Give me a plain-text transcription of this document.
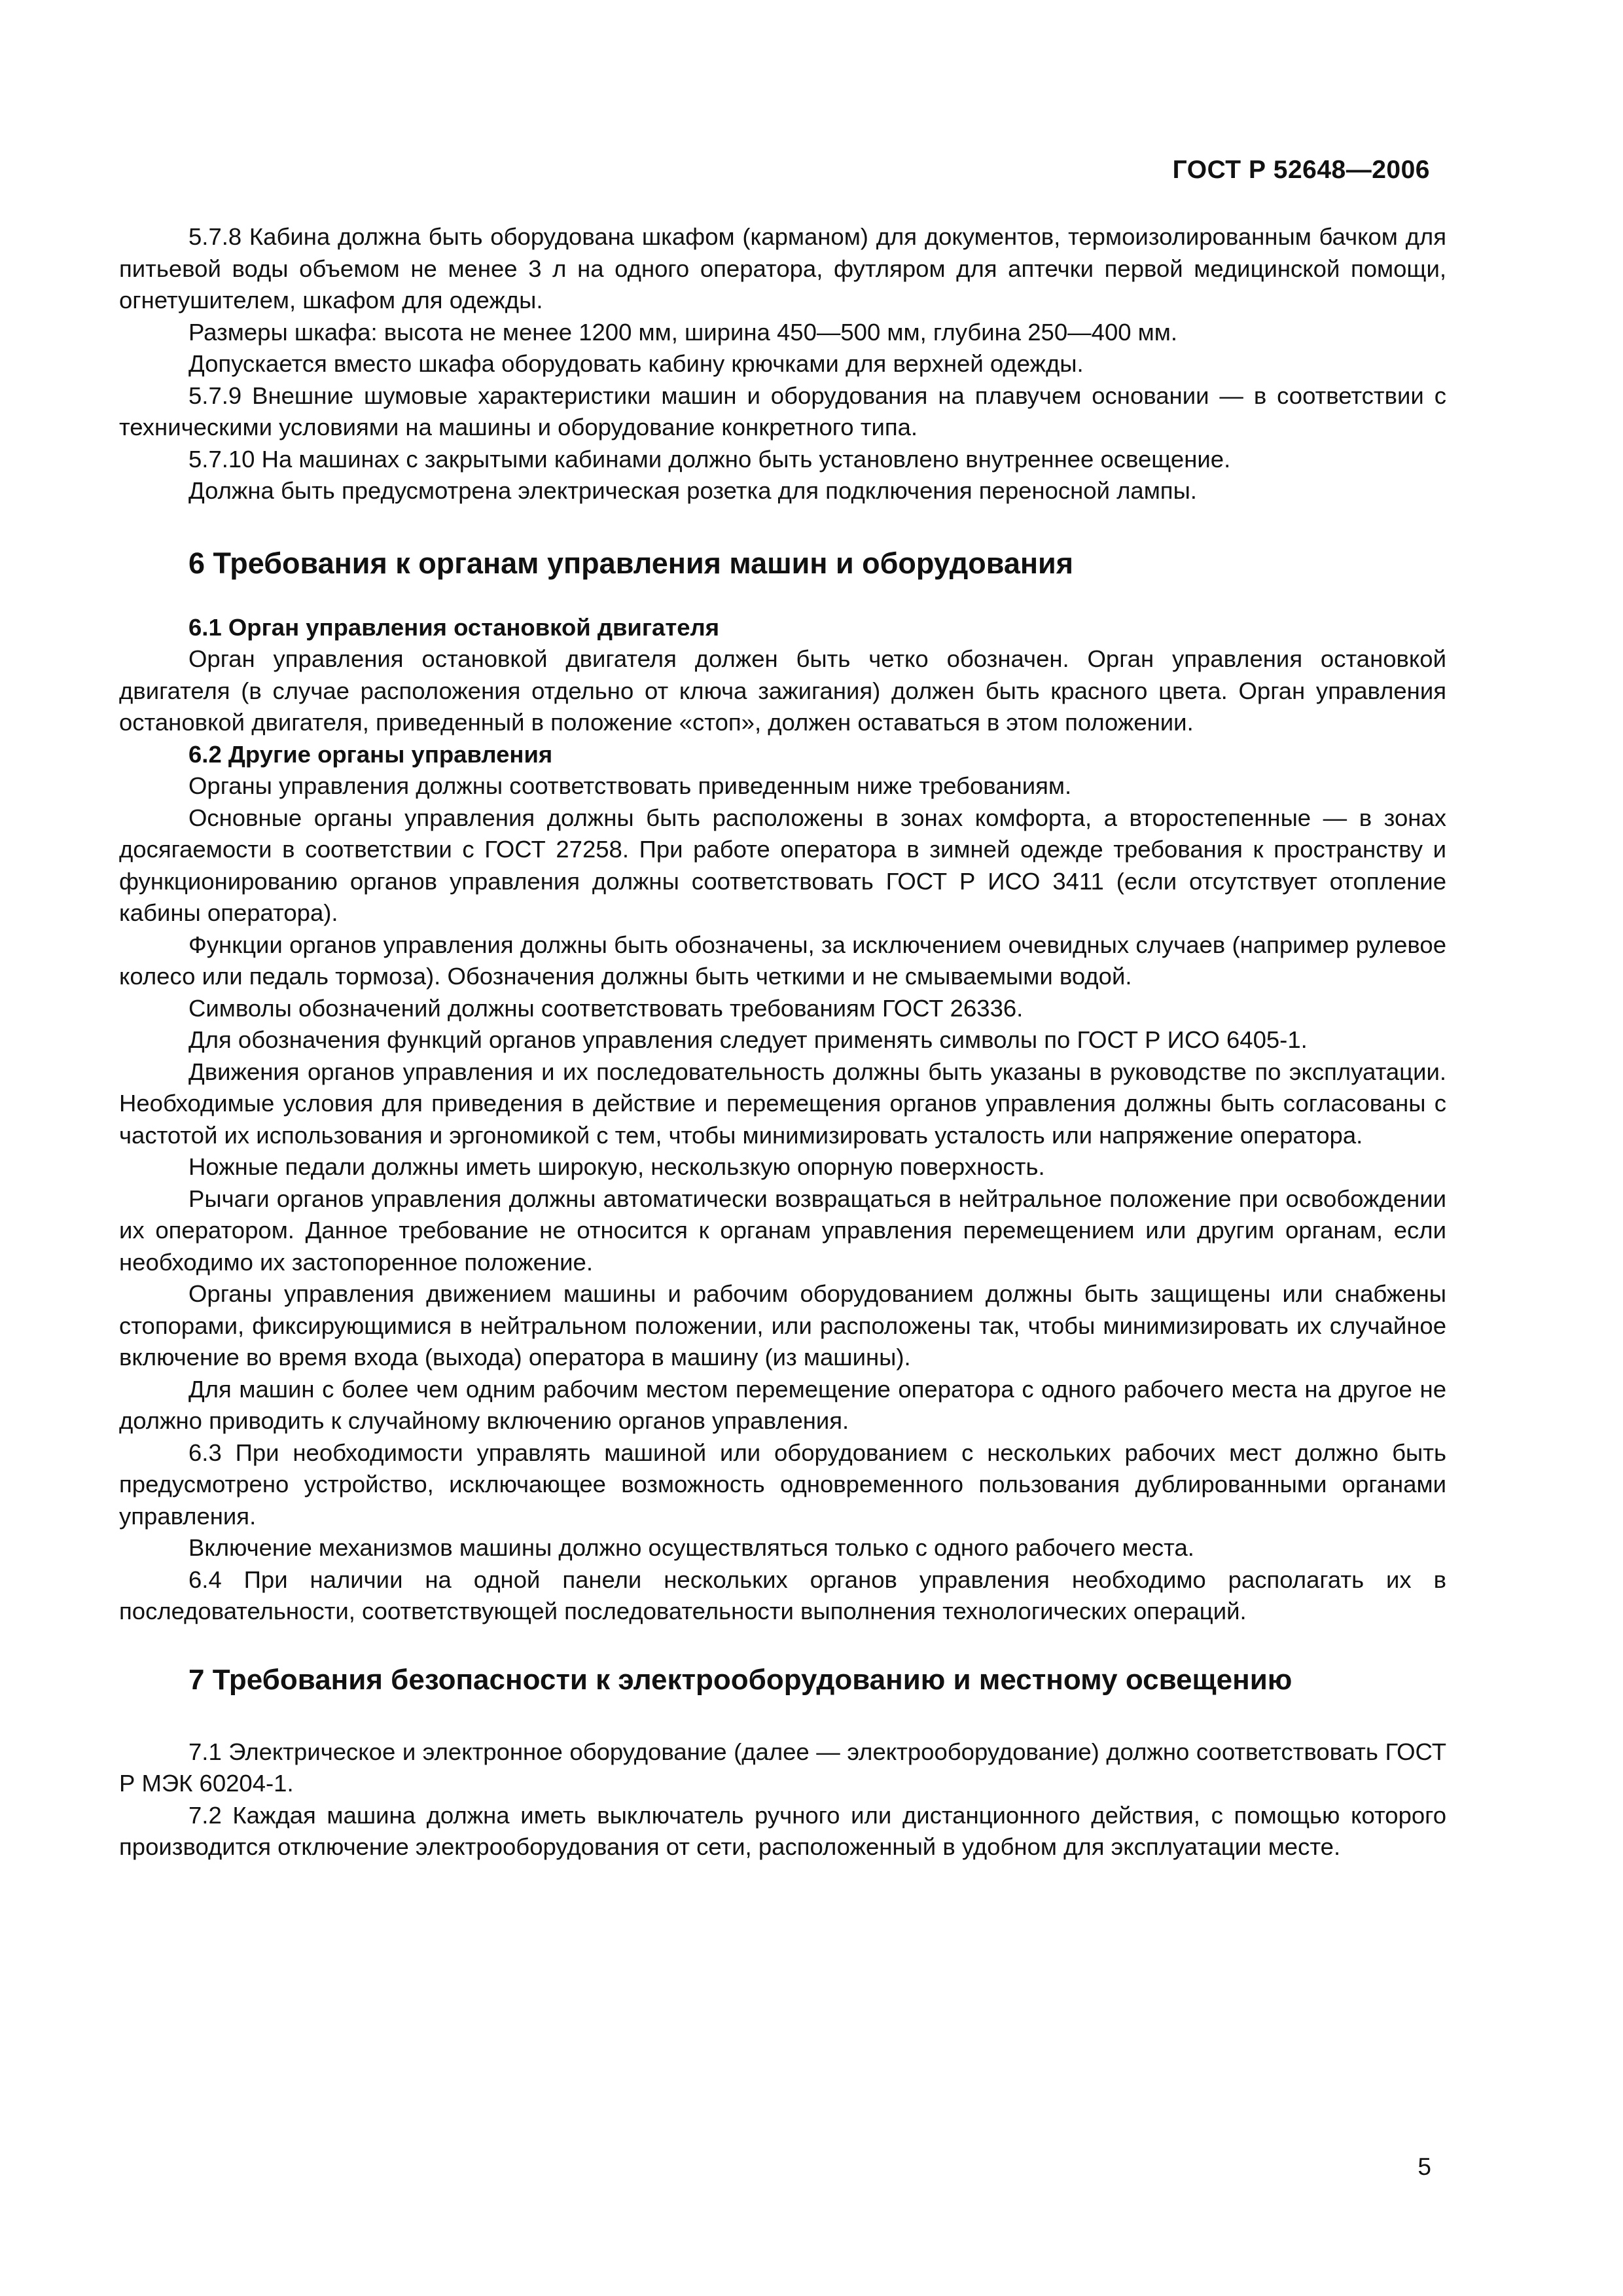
ГОСТ Р 52648—2006

5.7.8 Кабина должна быть оборудована шкафом (карманом) для документов, термоизолированным бачком для питьевой воды объемом не менее 3 л на одного оператора, футляром для аптечки первой медицинской помощи, огнетушителем, шкафом для одежды.

Размеры шкафа: высота не менее 1200 мм, ширина 450—500 мм, глубина 250—400 мм.

Допускается вместо шкафа оборудовать кабину крючками для верхней одежды.

5.7.9 Внешние шумовые характеристики машин и оборудования на плавучем основании — в соответствии с техническими условиями на машины и оборудование конкретного типа.

5.7.10 На машинах с закрытыми кабинами должно быть установлено внутреннее освещение.

Должна быть предусмотрена электрическая розетка для подключения переносной лампы.

6 Требования к органам управления машин и оборудования

6.1 Орган управления остановкой двигателя

Орган управления остановкой двигателя должен быть четко обозначен. Орган управления остановкой двигателя (в случае расположения отдельно от ключа зажигания) должен быть красного цвета. Орган управления остановкой двигателя, приведенный в положение «стоп», должен оставаться в этом положении.

6.2 Другие органы управления

Органы управления должны соответствовать приведенным ниже требованиям.

Основные органы управления должны быть расположены в зонах комфорта, а второстепенные — в зонах досягаемости в соответствии с ГОСТ 27258. При работе оператора в зимней одежде требования к пространству и функционированию органов управления должны соответствовать ГОСТ Р ИСО 3411 (если отсутствует отопление кабины оператора).

Функции органов управления должны быть обозначены, за исключением очевидных случаев (например рулевое колесо или педаль тормоза). Обозначения должны быть четкими и не смываемыми водой.

Символы обозначений должны соответствовать требованиям ГОСТ 26336.

Для обозначения функций органов управления следует применять символы по ГОСТ Р ИСО 6405-1.

Движения органов управления и их последовательность должны быть указаны в руководстве по эксплуатации. Необходимые условия для приведения в действие и перемещения органов управления должны быть согласованы с частотой их использования и эргономикой с тем, чтобы минимизировать усталость или напряжение оператора.

Ножные педали должны иметь широкую, нескользкую опорную поверхность.

Рычаги органов управления должны автоматически возвращаться в нейтральное положение при освобождении их оператором. Данное требование не относится к органам управления перемещением или другим органам, если необходимо их застопоренное положение.

Органы управления движением машины и рабочим оборудованием должны быть защищены или снабжены стопорами, фиксирующимися в нейтральном положении, или расположены так, чтобы минимизировать их случайное включение во время входа (выхода) оператора в машину (из машины).

Для машин с более чем одним рабочим местом перемещение оператора с одного рабочего места на другое не должно приводить к случайному включению органов управления.

6.3 При необходимости управлять машиной или оборудованием с нескольких рабочих мест должно быть предусмотрено устройство, исключающее возможность одновременного пользования дублированными органами управления.

Включение механизмов машины должно осуществляться только с одного рабочего места.

6.4 При наличии на одной панели нескольких органов управления необходимо располагать их в последовательности, соответствующей последовательности выполнения технологических операций.

7 Требования безопасности к электрооборудованию и местному освещению

7.1 Электрическое и электронное оборудование (далее — электрооборудование) должно соответствовать ГОСТ Р МЭК 60204-1.

7.2 Каждая машина должна иметь выключатель ручного или дистанционного действия, с помощью которого производится отключение электрооборудования от сети, расположенный в удобном для эксплуатации месте.

5
